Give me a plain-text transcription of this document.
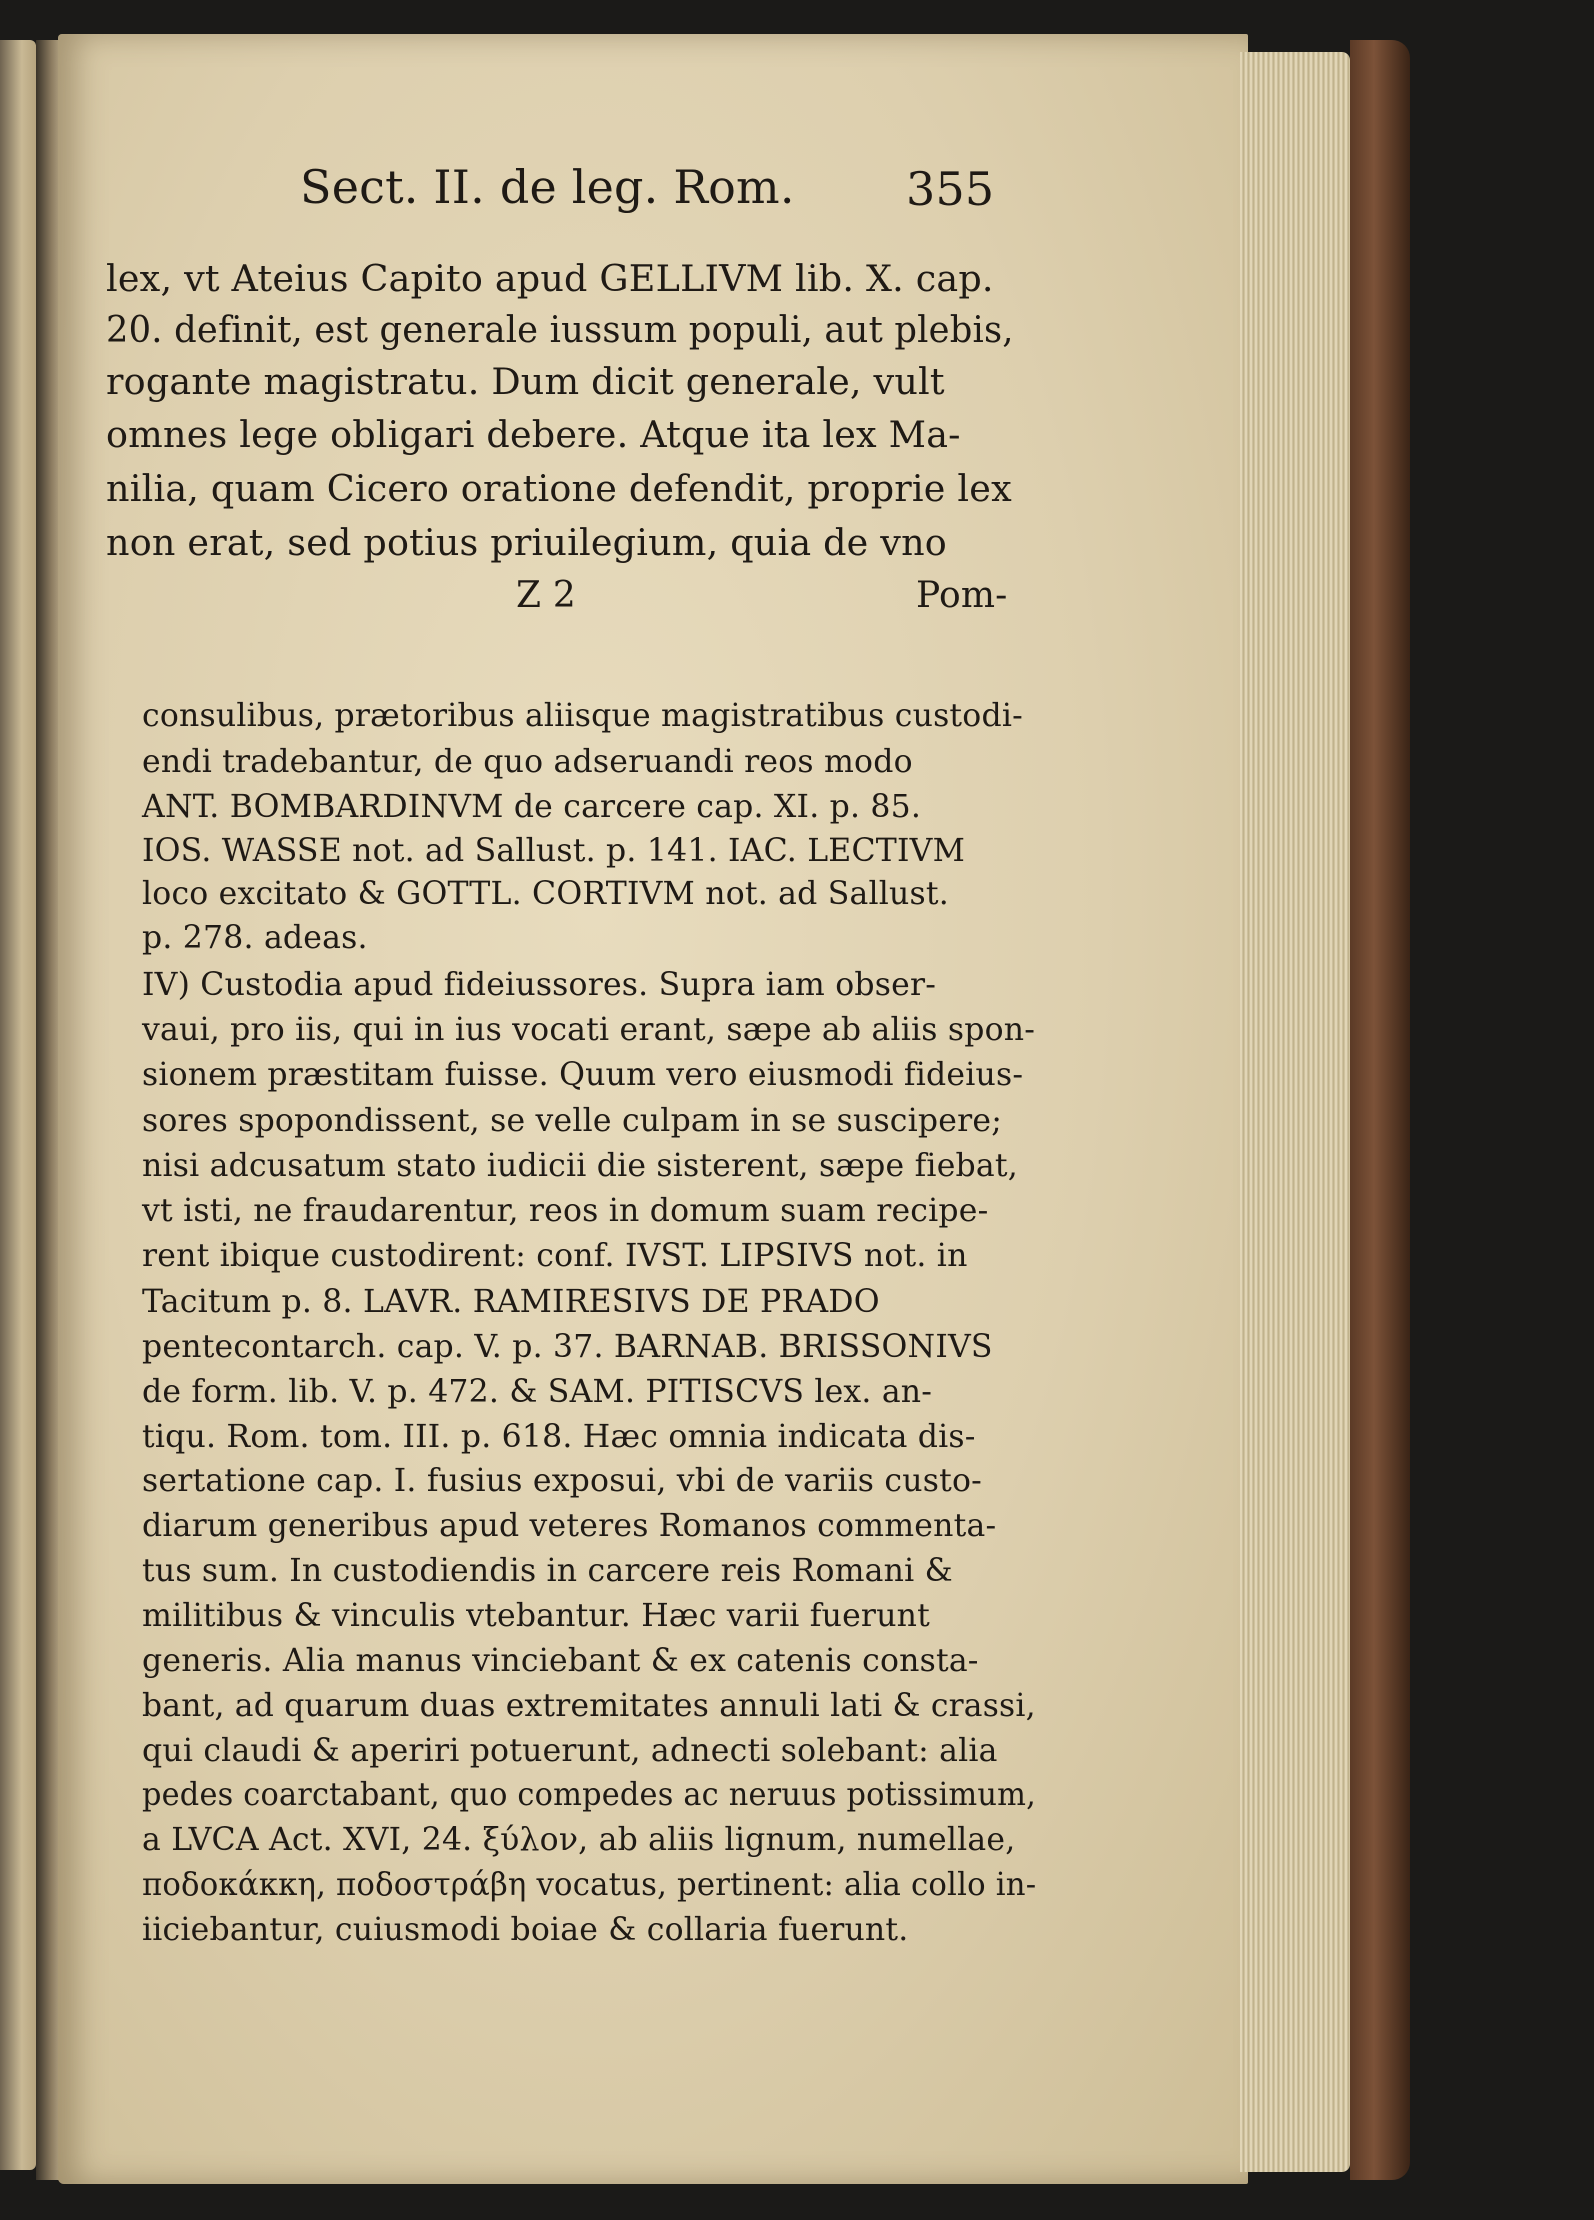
Sect. II. de leg. Rom. 355

lex, vt Ateius Capito apud GELLIVM lib. X. cap.

20. definit, est generale iussum populi, aut plebis,

rogante magistratu. Dum dicit generale, vult

omnes lege obligari debere. Atque ita lex Ma-

nilia, quam Cicero oratione defendit, proprie lex

non erat, sed potius priuilegium, quia de vno

Z 2	Pom-

consulibus, prætoribus aliisque magistratibus custodi-

endi tradebantur, de quo adseruandi reos modo

ANT. BOMBARDINVM de carcere cap. XI. p. 85.

IOS. WASSE not. ad Sallust. p. 141. IAC. LECTIVM

loco excitato & GOTTL. CORTIVM not. ad Sallust.

p. 278. adeas.

IV) Custodia apud fideiussores. Supra iam obser-

vaui, pro iis, qui in ius vocati erant, sæpe ab aliis spon-

sionem præstitam fuisse. Quum vero eiusmodi fideius-

sores spopondissent, se velle culpam in se suscipere;

nisi adcusatum stato iudicii die sisterent, sæpe fiebat,

vt isti, ne fraudarentur, reos in domum suam recipe-

rent ibique custodirent: conf. IVST. LIPSIVS not. in

Tacitum p. 8. LAVR. RAMIRESIVS DE PRADO

pentecontarch. cap. V. p. 37. BARNAB. BRISSONIVS

de form. lib. V. p. 472. & SAM. PITISCVS lex. an-

tiqu. Rom. tom. III. p. 618. Hæc omnia indicata dis-

sertatione cap. I. fusius exposui, vbi de variis custo-

diarum generibus apud veteres Romanos commenta-

tus sum. In custodiendis in carcere reis Romani &

militibus & vinculis vtebantur. Hæc varii fuerunt

generis. Alia manus vinciebant & ex catenis consta-

bant, ad quarum duas extremitates annuli lati & crassi,

qui claudi & aperiri potuerunt, adnecti solebant: alia

pedes coarctabant, quo compedes ac neruus potissimum,

a LVCA Act. XVI, 24. ξύλον, ab aliis lignum, numellae,

ποδοκάκκη, ποδοστράβη vocatus, pertinent: alia collo in-

iiciebantur, cuiusmodi boiae & collaria fuerunt.
